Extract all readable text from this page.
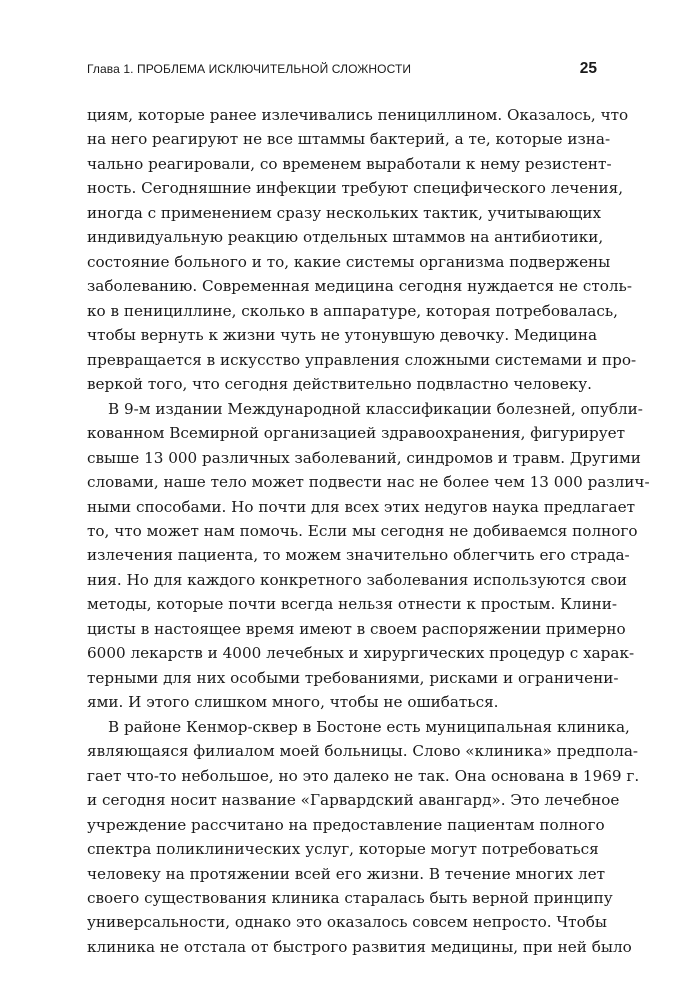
Глава 1. ПРОБЛЕМА ИСКЛЮЧИТЕЛЬНОЙ СЛОЖНОСТИ	25
циям, которые ранее излечивались пенициллином. Оказалось, что
на него реагируют не все штаммы бактерий, а те, которые изна-
чально реагировали, со временем выработали к нему резистент-
ность. Сегодняшние инфекции требуют специфического лечения,
иногда с применением сразу нескольких тактик, учитывающих
индивидуальную реакцию отдельных штаммов на антибиотики,
состояние больного и то, какие системы организма подвержены
заболеванию. Современная медицина сегодня нуждается не столь-
ко в пенициллине, сколько в аппаратуре, которая потребовалась,
чтобы вернуть к жизни чуть не утонувшую девочку. Медицина
превращается в искусство управления сложными системами и про-
веркой того, что сегодня действительно подвластно человеку.
В 9-м издании Международной классификации болезней, опубли-
кованном Всемирной организацией здравоохранения, фигурирует
свыше 13 000 различных заболеваний, синдромов и травм. Другими
словами, наше тело может подвести нас не более чем 13 000 различ-
ными способами. Но почти для всех этих недугов наука предлагает
то, что может нам помочь. Если мы сегодня не добиваемся полного
излечения пациента, то можем значительно облегчить его страда-
ния. Но для каждого конкретного заболевания используются свои
методы, которые почти всегда нельзя отнести к простым. Клини-
цисты в настоящее время имеют в своем распоряжении примерно
6000 лекарств и 4000 лечебных и хирургических процедур с харак-
терными для них особыми требованиями, рисками и ограничени-
ями. И этого слишком много, чтобы не ошибаться.
В районе Кенмор-сквер в Бостоне есть муниципальная клиника,
являющаяся филиалом моей больницы. Слово «клиника» предпола-
гает что-то небольшое, но это далеко не так. Она основана в 1969 г.
и сегодня носит название «Гарвардский авангард». Это лечебное
учреждение рассчитано на предоставление пациентам полного
спектра поликлинических услуг, которые могут потребоваться
человеку на протяжении всей его жизни. В течение многих лет
своего существования клиника старалась быть верной принципу
универсальности, однако это оказалось совсем непросто. Чтобы
клиника не отстала от быстрого развития медицины, при ней было
